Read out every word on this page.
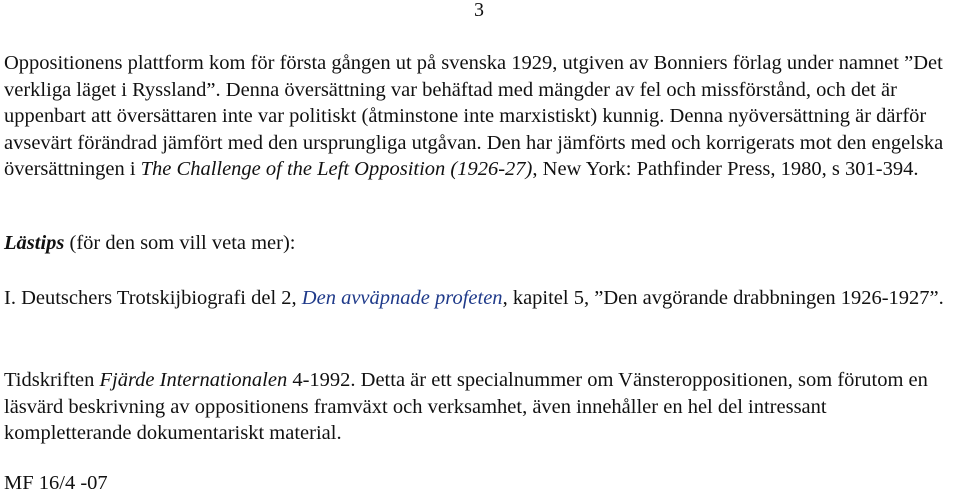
3

Oppositionens plattform kom för första gången ut på svenska 1929, utgiven av Bonniers förlag under namnet ”Det verkliga läget i Ryssland”. Denna översättning var behäftad med mängder av fel och missförstånd, och det är uppenbart att översättaren inte var politiskt (åtminstone inte marxistiskt) kunnig. Denna nyöversättning är därför avsevärt förändrad jämfört med den ursprungliga utgåvan. Den har jämförts med och korrigerats mot den engelska översättningen i The Challenge of the Left Opposition (1926-27), New York: Pathfinder Press, 1980, s 301-394.

Lästips (för den som vill veta mer):

I. Deutschers Trotskijbiografi del 2, Den avväpnade profeten, kapitel 5, ”Den avgörande drabbningen 1926-1927”.

Tidskriften Fjärde Internationalen 4-1992. Detta är ett specialnummer om Vänsteroppositionen, som förutom en läsvärd beskrivning av oppositionens framväxt och verksamhet, även innehåller en hel del intressant kompletterande dokumentariskt material.

MF 16/4 -07
